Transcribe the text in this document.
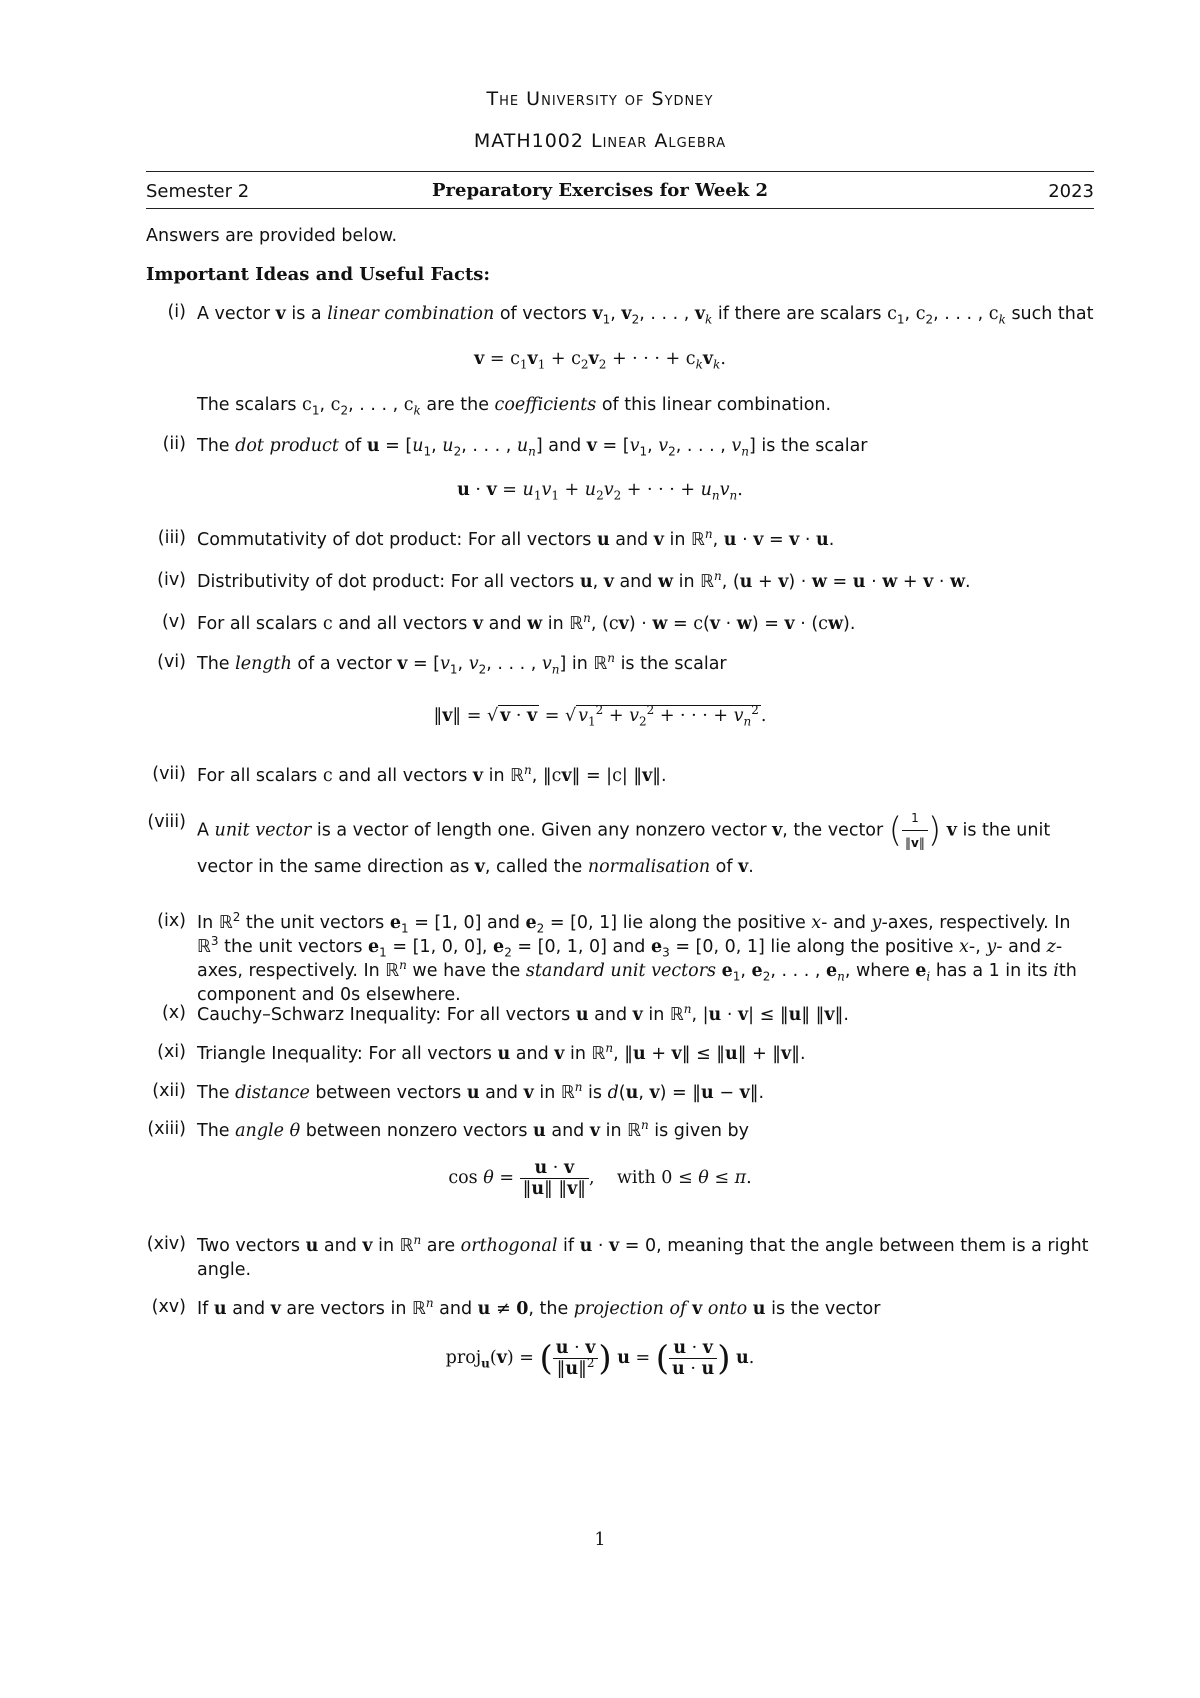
The University of Sydney
MATH1002 Linear Algebra
Semester 2	Preparatory Exercises for Week 2	2023
Answers are provided below.
Important Ideas and Useful Facts:
(i) A vector v is a linear combination of vectors $v_1$, $v_2$, . . . , $v_k$ if there are scalars $c_1$, $c_2$, . . . , $c_k$ such that
$v = c_1v_1 + c_2v_2$ + · · · + $c_kv_k$.
The scalars $c_1$, $c_2$, . . . , $c_k$ are the coefficients of this linear combination.
(ii) The dot product of $u = [u_1$, $u_2$, . . . , $u_n$] and $v = [v_1$, $v_2$, . . . , $v_n$] is the scalar
$u \cdot v = u_1v_1 + u_2v_2$ + · · · + $u_nv_n$.
(iii) Commutativity of dot product: For all vectors u and v in ℝ$^n$, u · v = v · u.
(iv) Distributivity of dot product: For all vectors u, v and w in ℝ$^n$, (u + v) · w = u · w + v · w.
(v) For all scalars c and all vectors v and w in ℝ$^n$, (cv) · w = c(v · w) = v · (cw).
(vi) The length of a vector $v = [v_1$, $v_2$, . . . , $v_n$] in ℝ$^n$ is the scalar
‖v‖ = √ v · v = √ $v_1^2 + v_2^2$ + · · · + $v_n^2$ .
(vii) For all scalars c and all vectors v in ℝ$^n$, ‖cv‖ = |c| ‖v‖.
(viii) A unit vector is a vector of length one. Given any nonzero vector v, the vector ( $\frac{1}{‖v‖}$ ) v is the unit
vector in the same direction as v, called the normalisation of v.
(ix) In ℝ$^2$ the unit vectors $e_1 = [1$, 0] and $e_2 = [0$, 1] lie along the positive x- and y-axes, respectively. In ℝ$^3$ the unit vectors $e_1 = [1$, 0, 0], $e_2 = [0$, 1, 0] and $e_3 = [0$, 0, 1] lie along the positive x-, y- and z-axes, respectively. In ℝ$^n$ we have the standard unit vectors $e_1$, $e_2$, . . . , $e_n$, where $e_i$ has a 1 in its ith component and 0s elsewhere.
(x) Cauchy–Schwarz Inequality: For all vectors u and v in ℝ$^n$, |u · v| ≤ ‖u‖ ‖v‖.
(xi) Triangle Inequality: For all vectors u and v in ℝ$^n$, ‖u + v‖ ≤ ‖u‖ + ‖v‖.
(xii) The distance between vectors u and v in ℝ$^n$ is d(u, v) = ‖u − v‖.
(xiii) The angle θ between nonzero vectors u and v in ℝ$^n$ is given by
$\cos \theta = \frac{u \cdot v}{‖u‖ ‖v‖}$ ,    with 0 ≤ θ ≤ π.
(xiv) Two vectors u and v in ℝ$^n$ are orthogonal if u · v = 0, meaning that the angle between them is a right angle.
(xv) If u and v are vectors in ℝ$^n$ and u ≠ 0, the projection of v onto u is the vector
proj$_u$(v) = ( $\frac{u \cdot v}{‖u‖^2}$ ) u = ( $\frac{u \cdot v}{u \cdot u}$ ) u.
1
